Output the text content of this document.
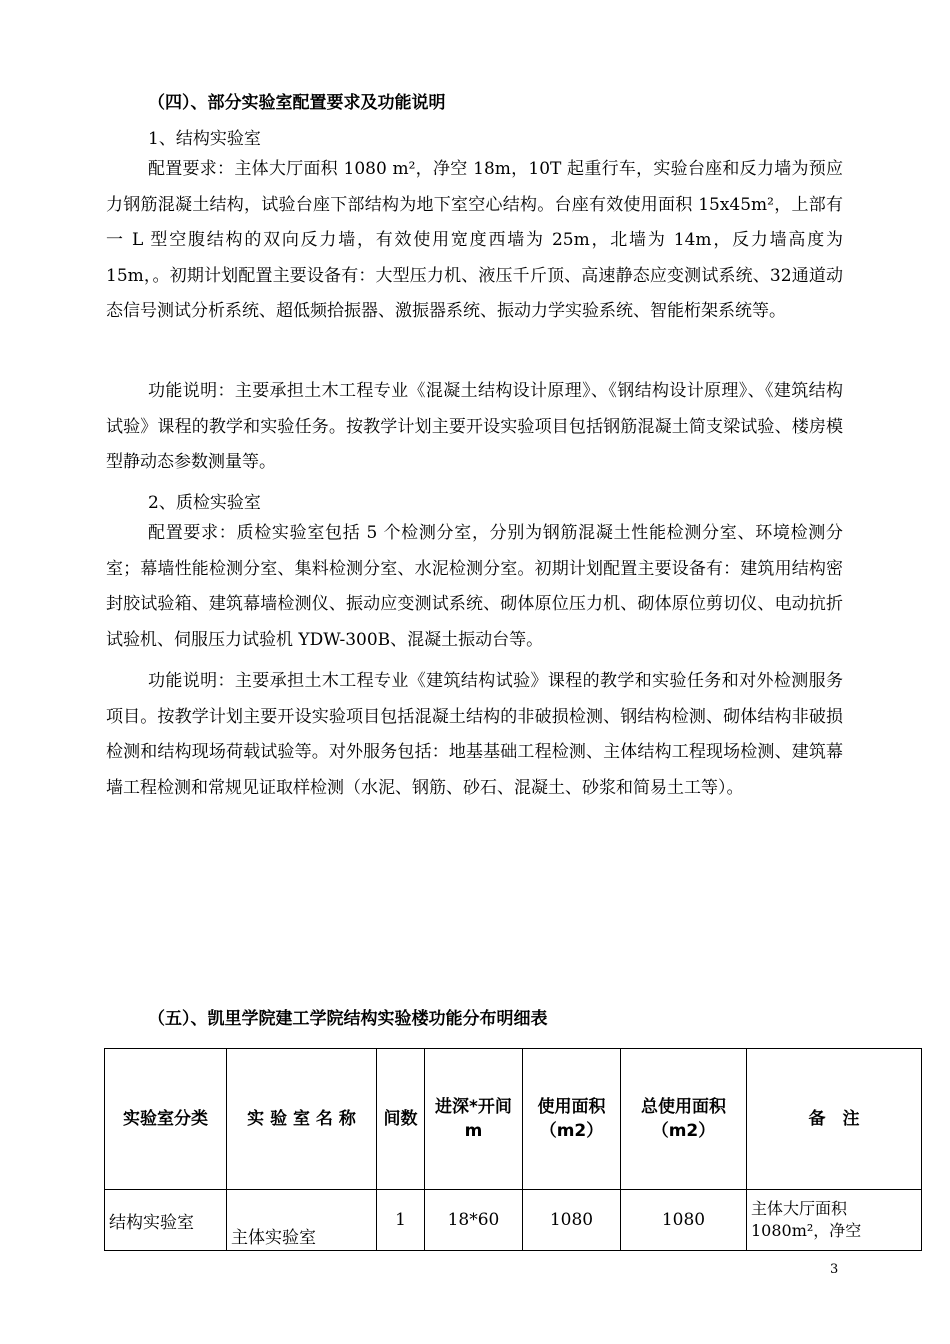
（四）、部分实验室配置要求及功能说明
1、结构实验室
配置要求：主体大厅面积 1080 m²，净空 18m，10T 起重行车，实验台座和反力墙为预应力钢筋混凝土结构，试验台座下部结构为地下室空心结构。台座有效使用面积 15x45m²，上部有一 L 型空腹结构的双向反力墙，有效使用宽度西墙为 25m，北墙为 14m，反力墙高度为 15m，。初期计划配置主要设备有：大型压力机、液压千斤顶、高速静态应变测试系统、32通道动态信号测试分析系统、超低频拾振器、激振器系统、振动力学实验系统、智能桁架系统等。
功能说明：主要承担土木工程专业《混凝土结构设计原理》、《钢结构设计原理》、《建筑结构试验》课程的教学和实验任务。按教学计划主要开设实验项目包括钢筋混凝土简支梁试验、楼房模型静动态参数测量等。
2、质检实验室
配置要求：质检实验室包括 5 个检测分室，分别为钢筋混凝土性能检测分室、环境检测分室；幕墙性能检测分室、集料检测分室、水泥检测分室。初期计划配置主要设备有：建筑用结构密封胶试验箱、建筑幕墙检测仪、振动应变测试系统、砌体原位压力机、砌体原位剪切仪、电动抗折试验机、伺服压力试验机 YDW-300B、混凝土振动台等。
功能说明：主要承担土木工程专业《建筑结构试验》课程的教学和实验任务和对外检测服务项目。按教学计划主要开设实验项目包括混凝土结构的非破损检测、钢结构检测、砌体结构非破损检测和结构现场荷载试验等。对外服务包括：地基基础工程检测、主体结构工程现场检测、建筑幕墙工程检测和常规见证取样检测（水泥、钢筋、砂石、混凝土、砂浆和简易土工等）。
（五）、凯里学院建工学院结构实验楼功能分布明细表
实验室分类	实 验 室 名 称	间数	进深*开间 m	使用面积（m2）	总使用面积（m2）	备　注
结构实验室	主体实验室	1	18*60	1080	1080	主体大厅面积 1080m²，净空
3
